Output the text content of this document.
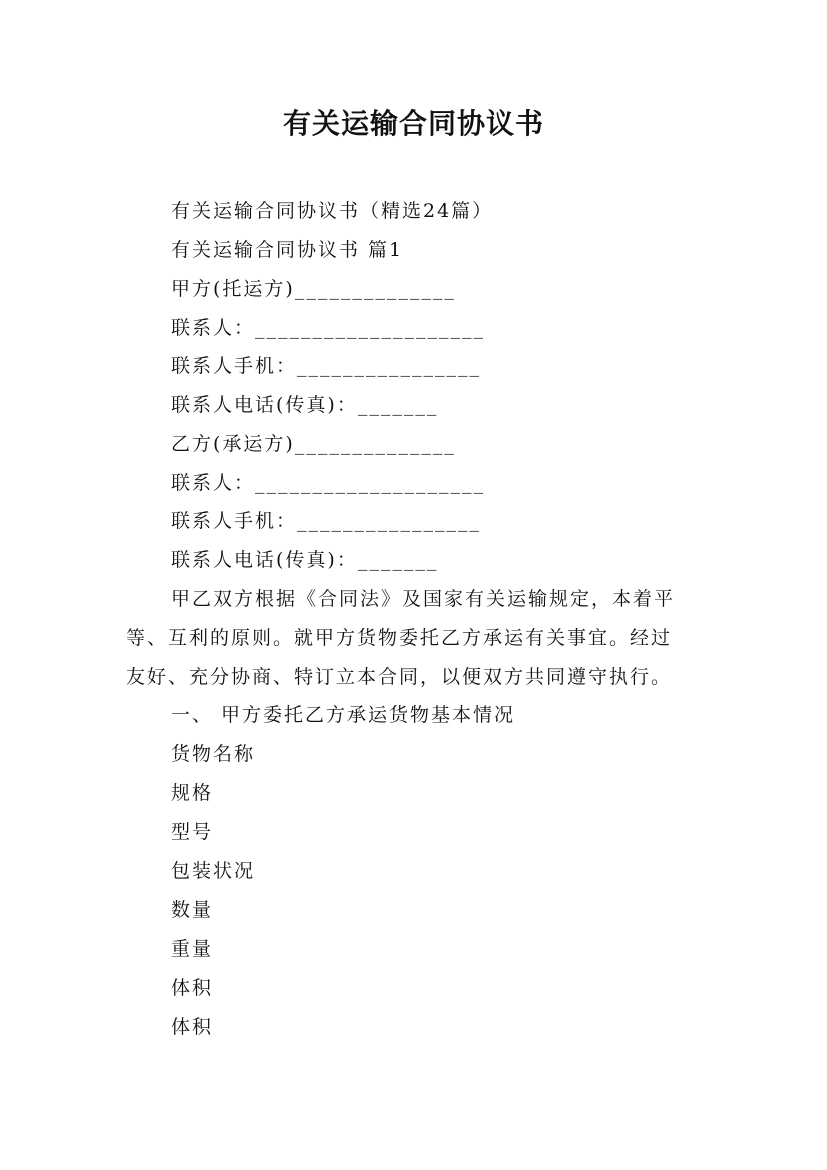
有关运输合同协议书
有关运输合同协议书（精选24篇）
有关运输合同协议书 篇1
甲方(托运方)______________
联系人：____________________
联系人手机：________________
联系人电话(传真)：_______
乙方(承运方)______________
联系人：____________________
联系人手机：________________
联系人电话(传真)：_______
甲乙双方根据《合同法》及国家有关运输规定，本着平
等、互利的原则。就甲方货物委托乙方承运有关事宜。经过
友好、充分协商、特订立本合同，以便双方共同遵守执行。
一、 甲方委托乙方承运货物基本情况
货物名称
规格
型号
包装状况
数量
重量
体积
体积
